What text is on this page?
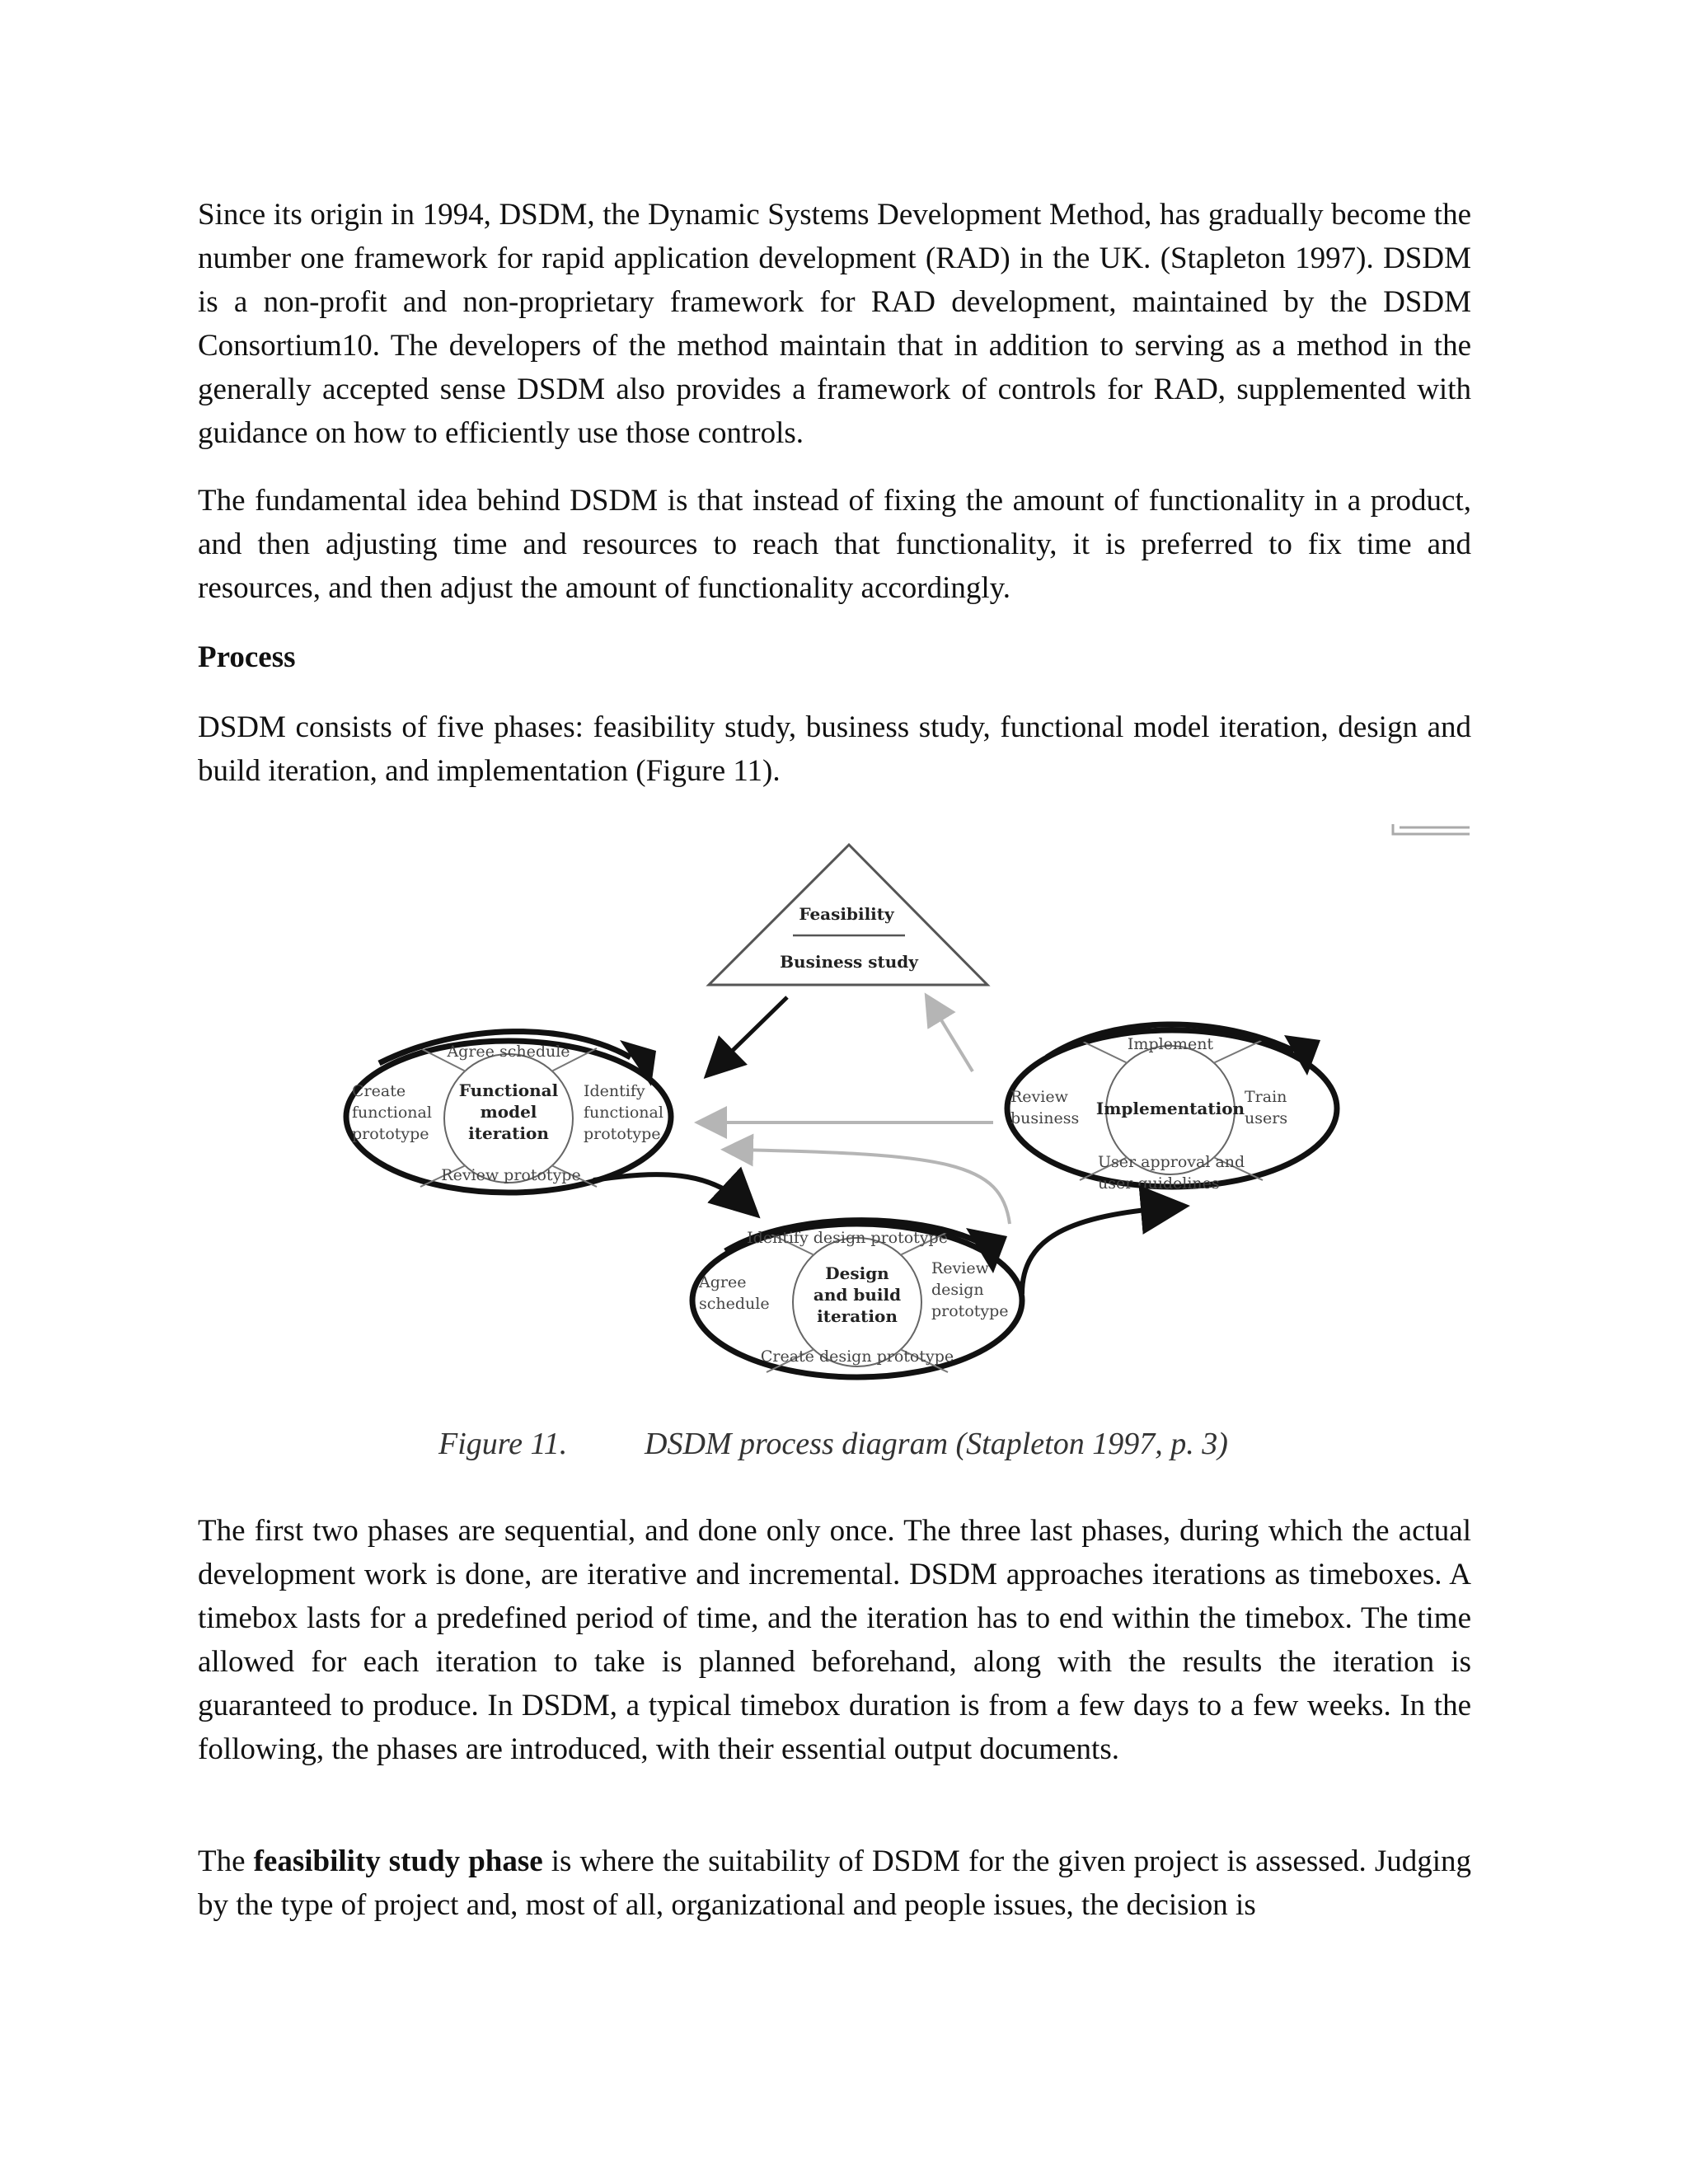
Since its origin in 1994, DSDM, the Dynamic Systems Development Method, has gradually become the number one framework for rapid application development (RAD) in the UK. (Stapleton 1997). DSDM is a non-profit and non-proprietary framework for RAD development, maintained by the DSDM Consortium10. The developers of the method maintain that in addition to serving as a method in the generally accepted sense DSDM also provides a framework of controls for RAD, supplemented with guidance on how to efficiently use those controls.

The fundamental idea behind DSDM is that instead of fixing the amount of functionality in a product, and then adjusting time and resources to reach that functionality, it is preferred to fix time and resources, and then adjust the amount of functionality accordingly.

Process

DSDM consists of five phases: feasibility study, business study, functional model iteration, design and build iteration, and implementation (Figure 11).

Feasibility
Business study
Agree schedule
Create
functional
prototype
Identify
functional
prototype
Functional
model
iteration
Review prototype
Implement
Review
business
Train
users
Implementation
User approval and
user guidelines
Identify design prototype
Agree
schedule
Review
design
prototype
Design
and build
iteration
Create design prototype
Figure 11. DSDM process diagram (Stapleton 1997, p. 3)

The first two phases are sequential, and done only once. The three last phases, during which the actual development work is done, are iterative and incremental. DSDM approaches iterations as timeboxes. A timebox lasts for a predefined period of time, and the iteration has to end within the timebox. The time allowed for each iteration to take is planned beforehand, along with the results the iteration is guaranteed to produce. In DSDM, a typical timebox duration is from a few days to a few weeks. In the following, the phases are introduced, with their essential output documents.

The feasibility study phase is where the suitability of DSDM for the given project is assessed. Judging by the type of project and, most of all, organizational and people issues, the decision is
